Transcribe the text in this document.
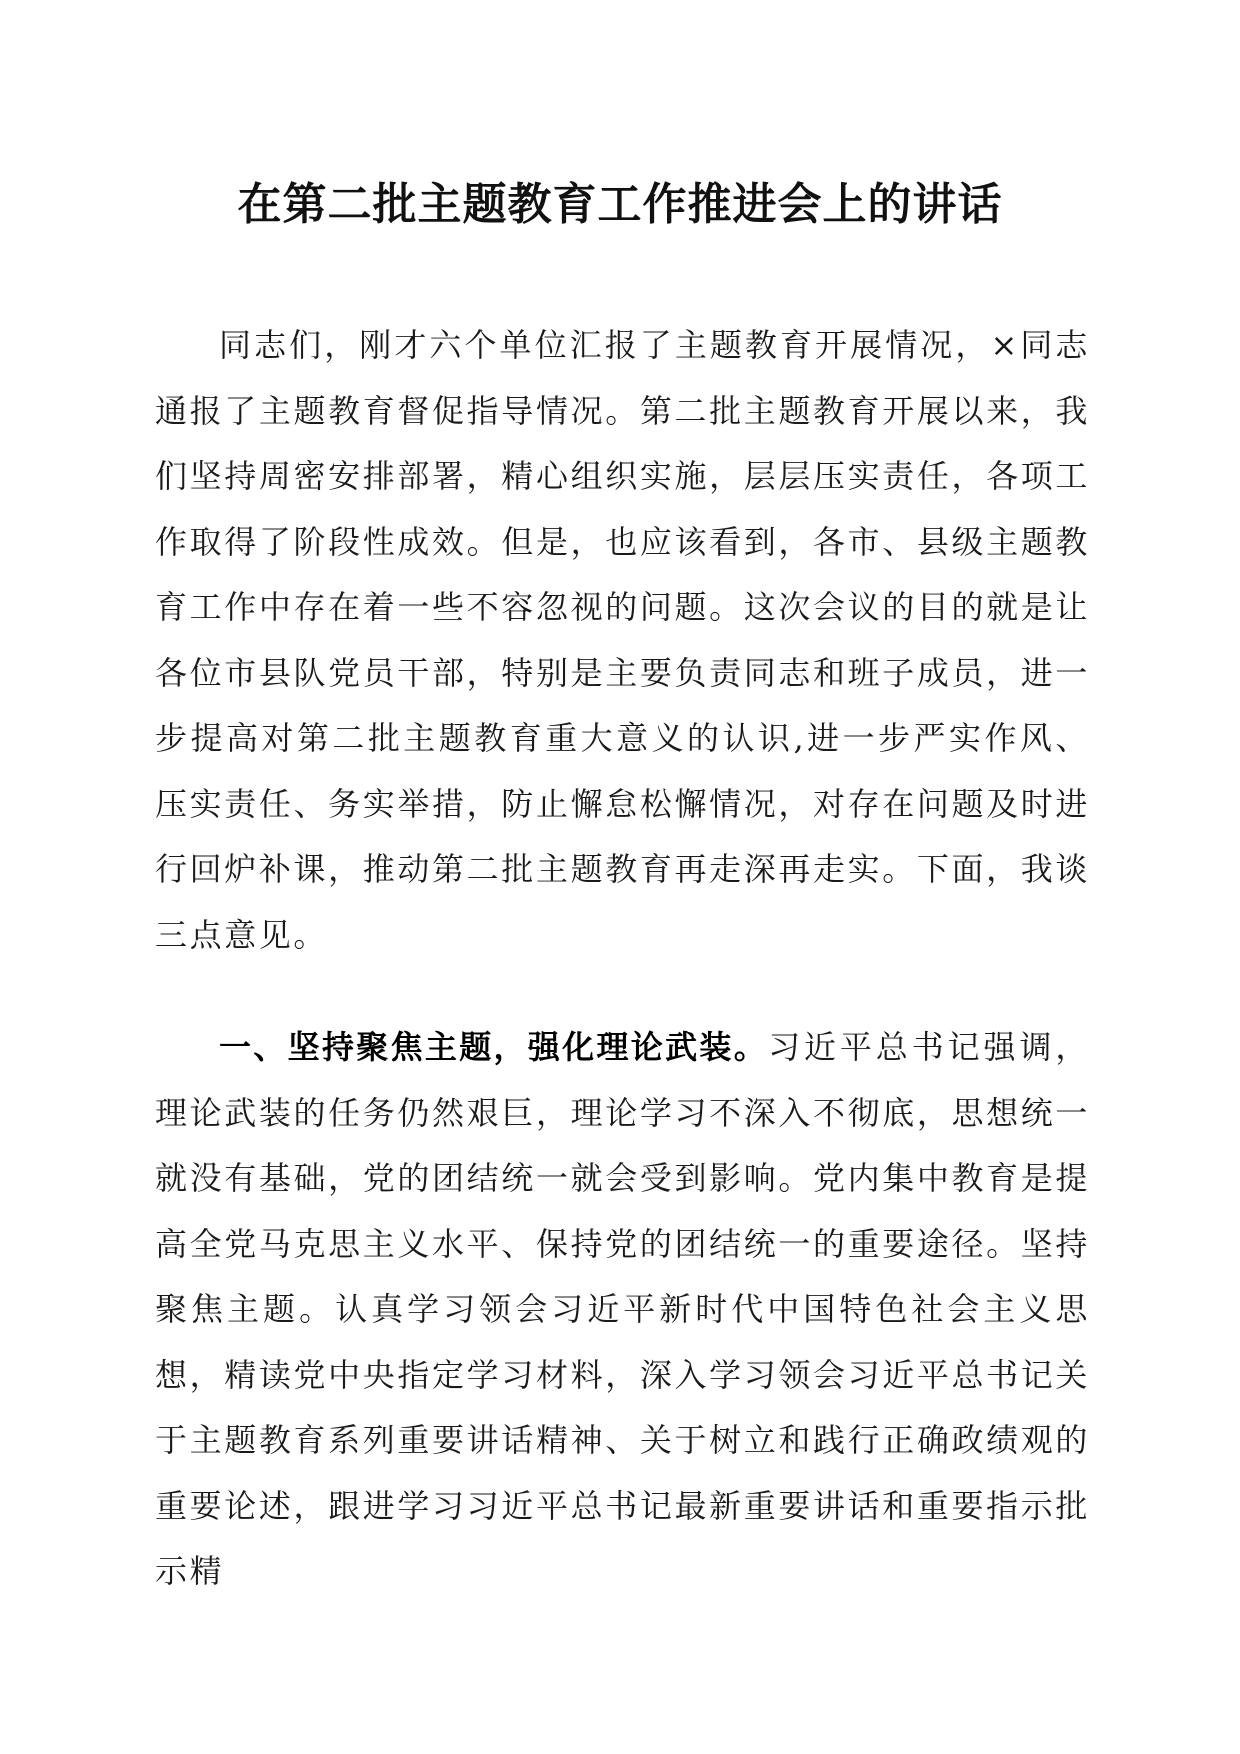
在第二批主题教育工作推进会上的讲话

同志们，刚才六个单位汇报了主题教育开展情况，×同志通报了主题教育督促指导情况。第二批主题教育开展以来，我们坚持周密安排部署，精心组织实施，层层压实责任，各项工作取得了阶段性成效。但是，也应该看到，各市、县级主题教育工作中存在着一些不容忽视的问题。这次会议的目的就是让各位市县队党员干部，特别是主要负责同志和班子成员，进一步提高对第二批主题教育重大意义的认识,进一步严实作风、压实责任、务实举措，防止懈怠松懈情况，对存在问题及时进行回炉补课，推动第二批主题教育再走深再走实。下面，我谈三点意见。

一、坚持聚焦主题，强化理论武装。习近平总书记强调，理论武装的任务仍然艰巨，理论学习不深入不彻底，思想统一就没有基础，党的团结统一就会受到影响。党内集中教育是提高全党马克思主义水平、保持党的团结统一的重要途径。坚持聚焦主题。认真学习领会习近平新时代中国特色社会主义思想，精读党中央指定学习材料，深入学习领会习近平总书记关于主题教育系列重要讲话精神、关于树立和践行正确政绩观的重要论述，跟进学习习近平总书记最新重要讲话和重要指示批示精
